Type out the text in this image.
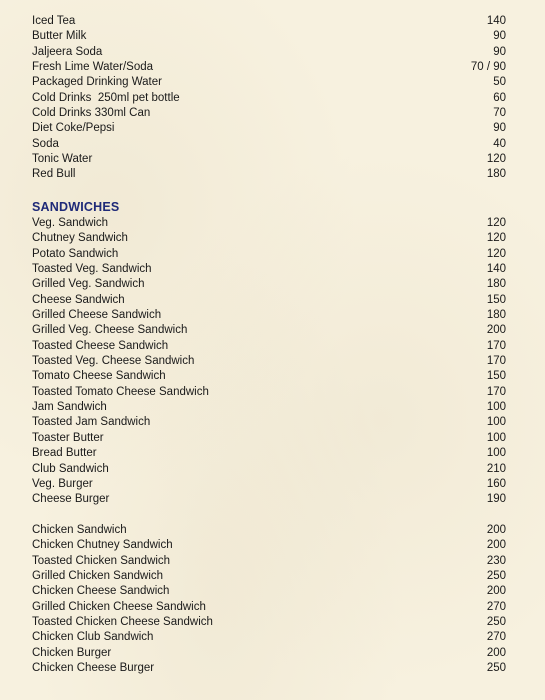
Iced Tea	140
Butter Milk	90
Jaljeera Soda	90
Fresh Lime Water/Soda	70 / 90
Packaged Drinking Water	50
Cold Drinks  250ml pet bottle	60
Cold Drinks 330ml Can	70
Diet Coke/Pepsi	90
Soda	40
Tonic Water	120
Red Bull	180
SANDWICHES
Veg. Sandwich	120
Chutney Sandwich	120
Potato Sandwich	120
Toasted Veg. Sandwich	140
Grilled Veg. Sandwich	180
Cheese Sandwich	150
Grilled Cheese Sandwich	180
Grilled Veg. Cheese Sandwich	200
Toasted Cheese Sandwich	170
Toasted Veg. Cheese Sandwich	170
Tomato Cheese Sandwich	150
Toasted Tomato Cheese Sandwich	170
Jam Sandwich	100
Toasted Jam Sandwich	100
Toaster Butter	100
Bread Butter	100
Club Sandwich	210
Veg. Burger	160
Cheese Burger	190
Chicken Sandwich	200
Chicken Chutney Sandwich	200
Toasted Chicken Sandwich	230
Grilled Chicken Sandwich	250
Chicken Cheese Sandwich	200
Grilled Chicken Cheese Sandwich	270
Toasted Chicken Cheese Sandwich	250
Chicken Club Sandwich	270
Chicken Burger	200
Chicken Cheese Burger	250
